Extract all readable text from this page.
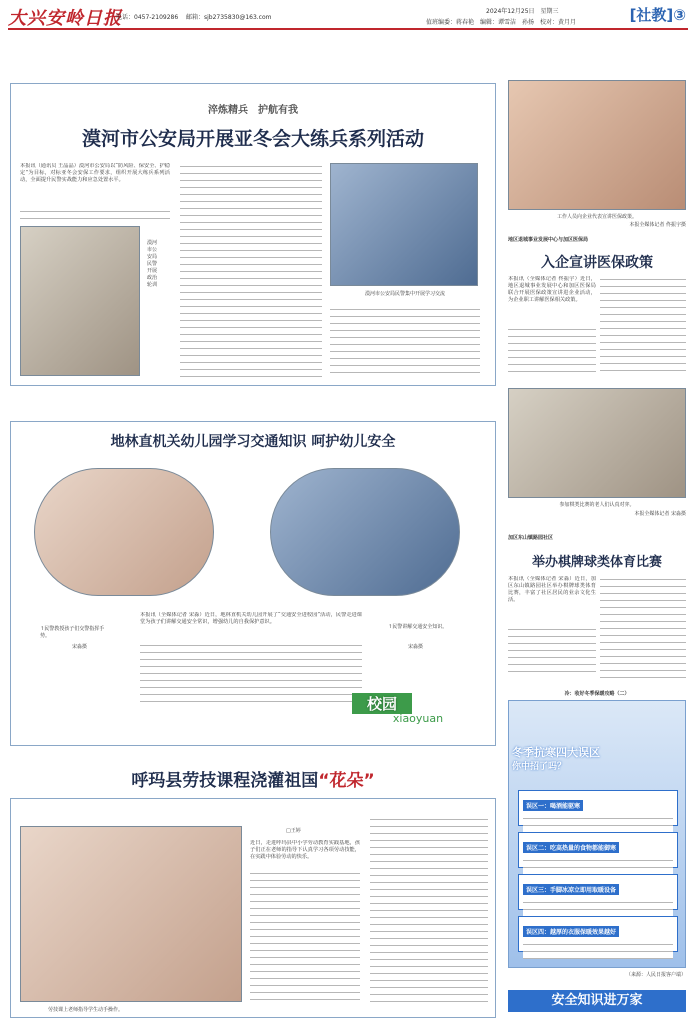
大兴安岭日报
电话：0457-2109286 邮箱：sjb2735830@163.com
2024年12月25日　星期三
值班编委：蒋春艳　编辑：谭雪洁　孙扬　校对：黄月月	[社教]③
淬炼精兵　护航有我
漠河市公安局开展亚冬会大练兵系列活动
本报讯（通讯员 王晶晶）漠河市公安局以“防风险、保安全、护稳定”为目标，对标亚冬会安保工作要求，组织开展大练兵系列活动，全面提升民警实战能力和应急处置水平。
漠河市公安局民警开展政治轮训
漠河市公安局民警集中开展学习交流
地林直机关幼儿园学习交通知识 呵护幼儿安全
↑民警教授孩子们交警指挥手势。
宋淼摄
↑民警讲解交通安全知识。
宋淼摄
本报讯（全媒体记者 宋淼）近日，地林直机关幼儿园开展了“交通安全进校园”活动，民警走进课堂为孩子们讲解交通安全常识，增强幼儿的自我保护意识。
校园
xiaoyuan
呼玛县劳技课程浇灌祖国“花朵”
劳技课上老师指导学生动手操作。
□王婷
近日，走进呼玛县中小学劳动教育实践基地，孩子们正在老师的指导下认真学习各项劳动技能，在实践中体验劳动的快乐。
工作人员向企业代表宣讲医保政策。
本报全媒体记者 佟振宇摄
地区退城事业发展中心与加区医保局
入企宣讲医保政策
本报讯（全媒体记者 佟振宇）近日，地区退城事业发展中心和加区医保局联合开展医保政策宣讲进企业活动，为企业职工讲解医保相关政策。
参加棋类比赛的老人们认真对弈。
本报全媒体记者 宋淼摄
加区东山镇路园社区
举办棋牌球类体育比赛
本报讯（全媒体记者 宋淼）近日，加区东山镇路园社区举办棋牌球类体育比赛，丰富了社区居民的业余文化生活。
冷：收好冬季保暖攻略（二）
冬季抗寒四大误区
你中招了吗？
误区一：喝酒能驱寒
误区二：吃高热量的食物都能御寒
误区三：手脚冰凉立即用取暖设备
误区四：越厚的衣服保暖效果越好
（来源：人民日报客户端）
安全知识进万家
